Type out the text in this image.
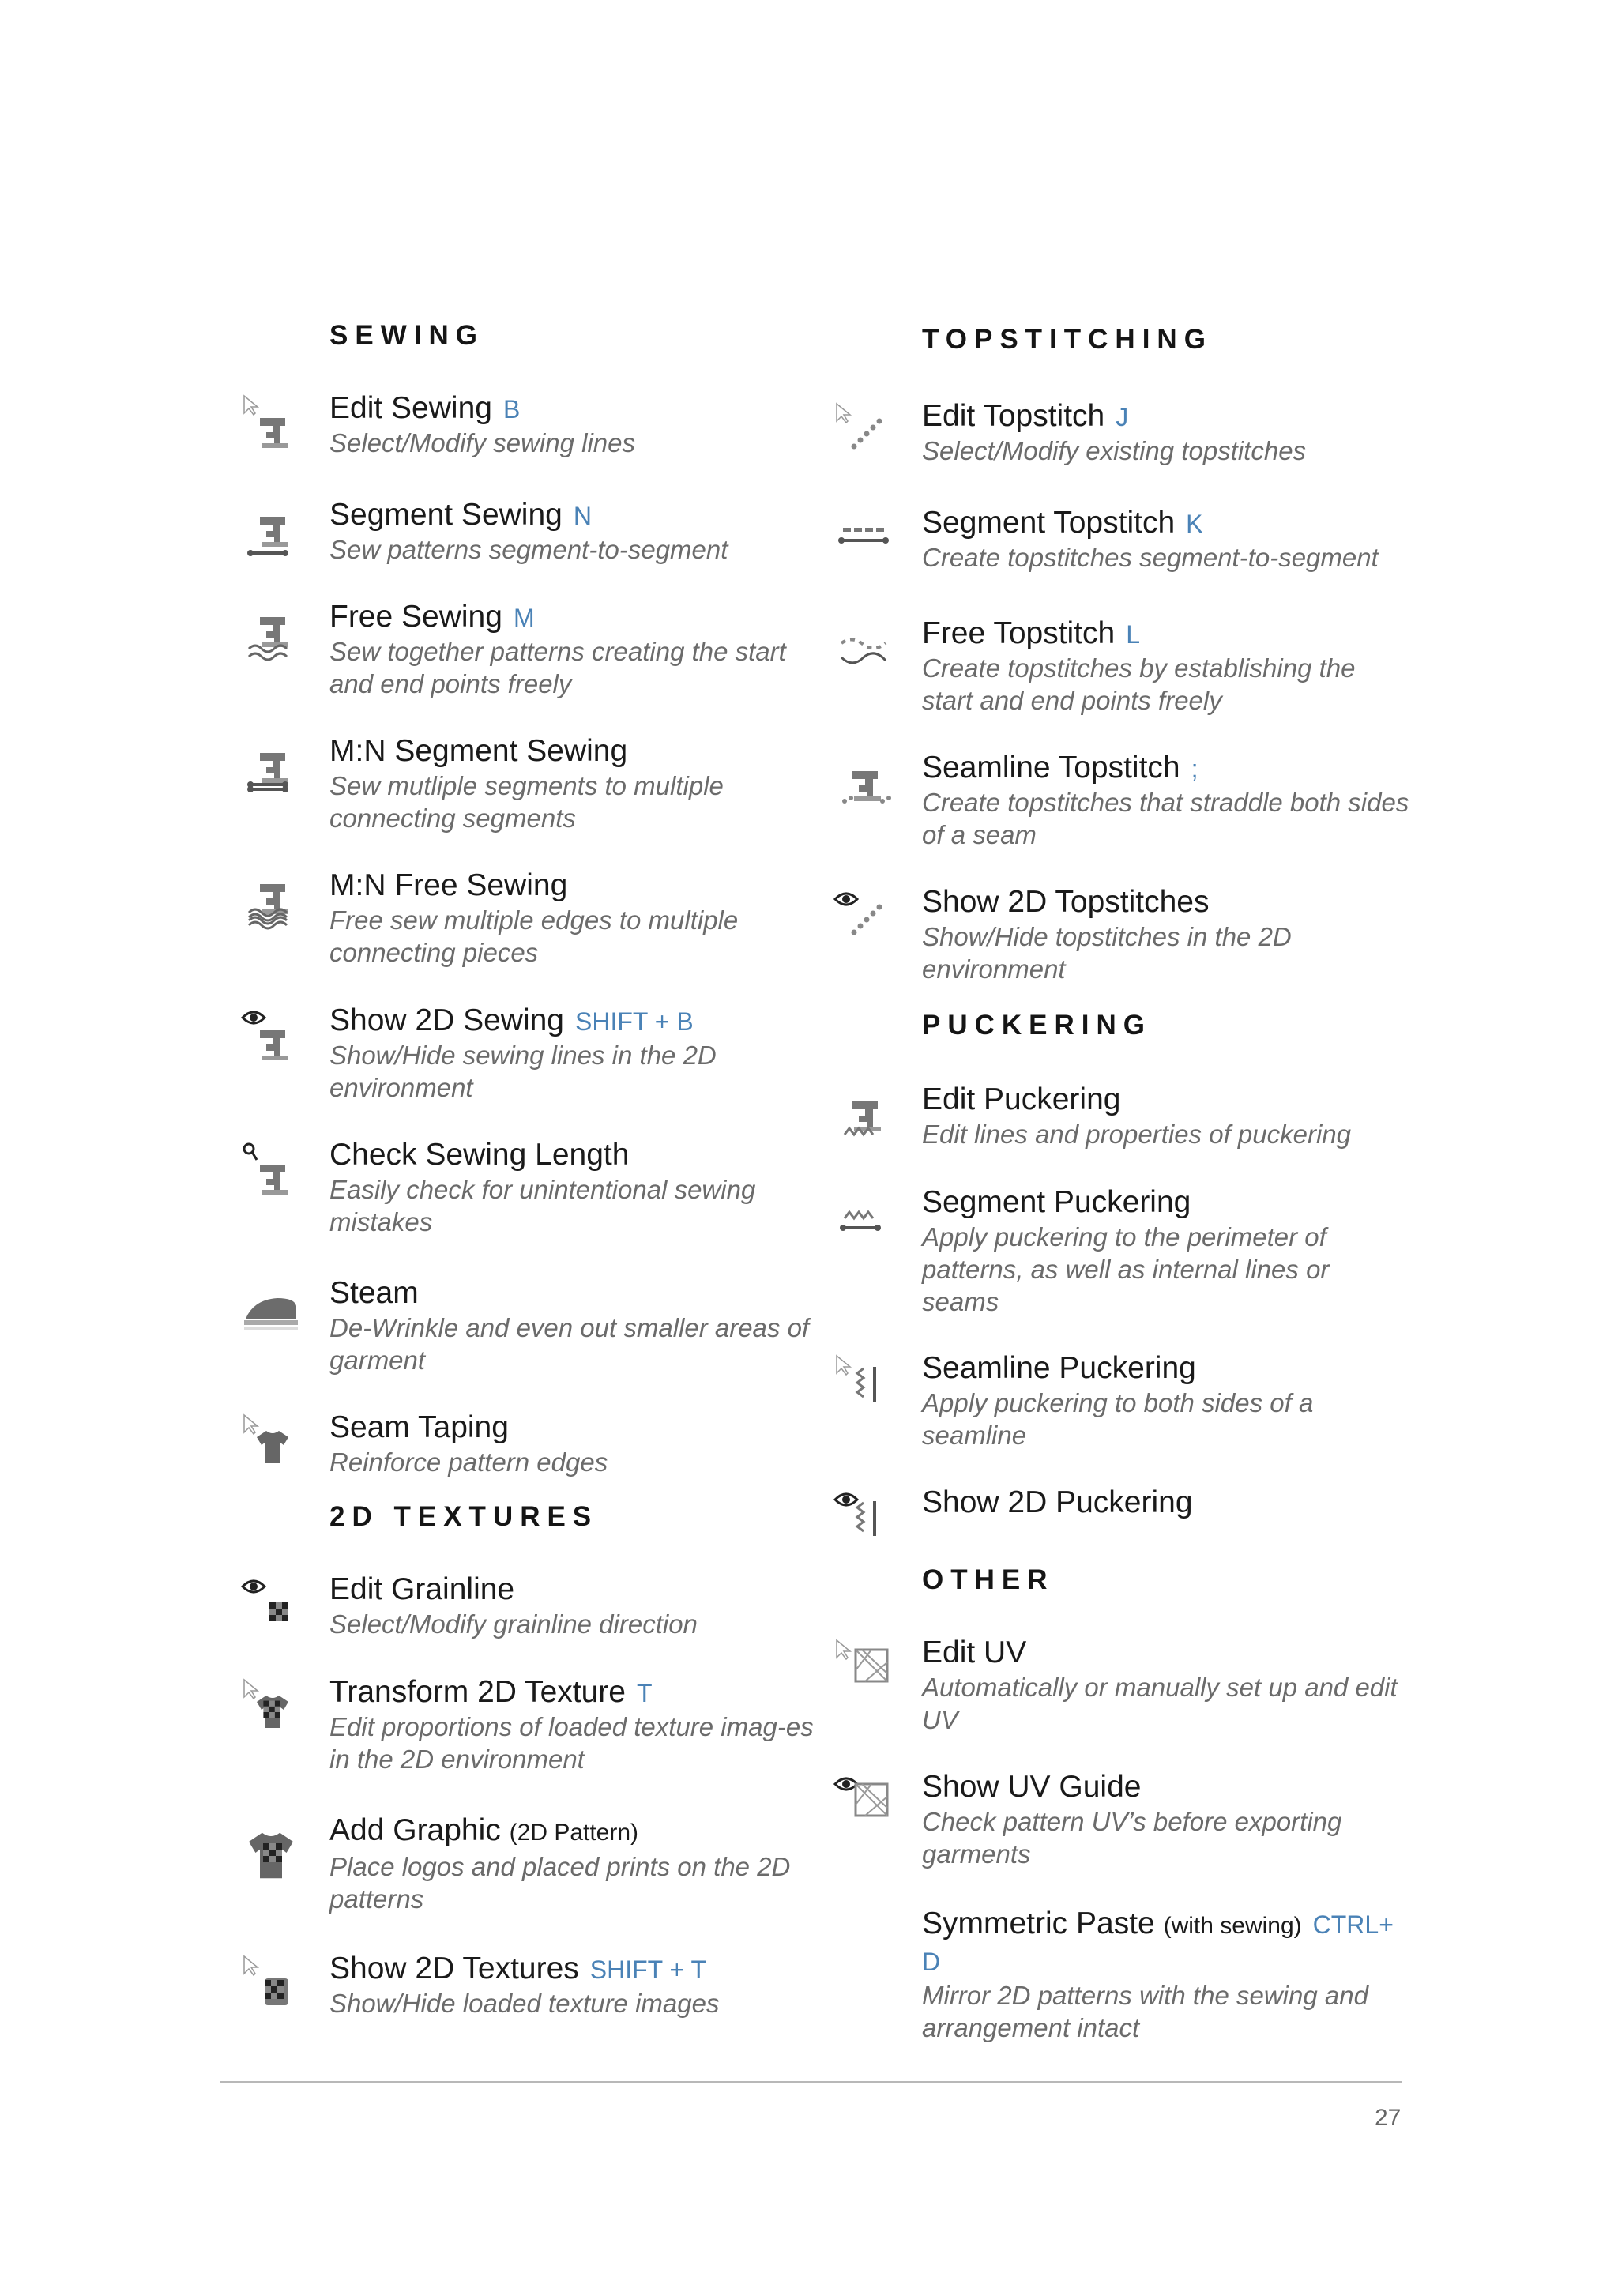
SEWING
Edit Sewing B
Select/Modify sewing lines
Segment Sewing N
Sew patterns segment-to-segment
Free Sewing M
Sew together patterns creating the start and end points freely
M:N Segment Sewing
Sew mutliple segments to multiple connecting segments
M:N Free Sewing
Free sew multiple edges to multiple connecting pieces
Show 2D Sewing SHIFT + B
Show/Hide sewing lines in the 2D environment
Check Sewing Length
Easily check for unintentional sewing mistakes
Steam
De-Wrinkle and even out smaller areas of garment
Seam Taping
Reinforce pattern edges
2D TEXTURES
Edit Grainline
Select/Modify grainline direction
Transform 2D Texture T
Edit proportions of loaded texture imag-es in the 2D environment
Add Graphic (2D Pattern)
Place logos and placed prints on the 2D patterns
Show 2D Textures SHIFT + T
Show/Hide loaded texture images
TOPSTITCHING
Edit Topstitch J
Select/Modify existing topstitches
Segment Topstitch K
Create topstitches segment-to-segment
Free Topstitch L
Create topstitches by establishing the start and end points freely
Seamline Topstitch ;
Create topstitches that straddle both sides of a seam
Show 2D Topstitches
Show/Hide topstitches in the 2D environment
PUCKERING
Edit Puckering
Edit lines and properties of puckering
Segment Puckering
Apply puckering to the perimeter of patterns, as well as internal lines or seams
Seamline Puckering
Apply puckering to both sides of a seamline
Show 2D Puckering
OTHER
Edit UV
Automatically or manually set up and edit UV
Show UV Guide
Check pattern UV’s before exporting garments
Symmetric Paste (with sewing) CTRL+ D
Mirror 2D patterns with the sewing and arrangement intact
27
